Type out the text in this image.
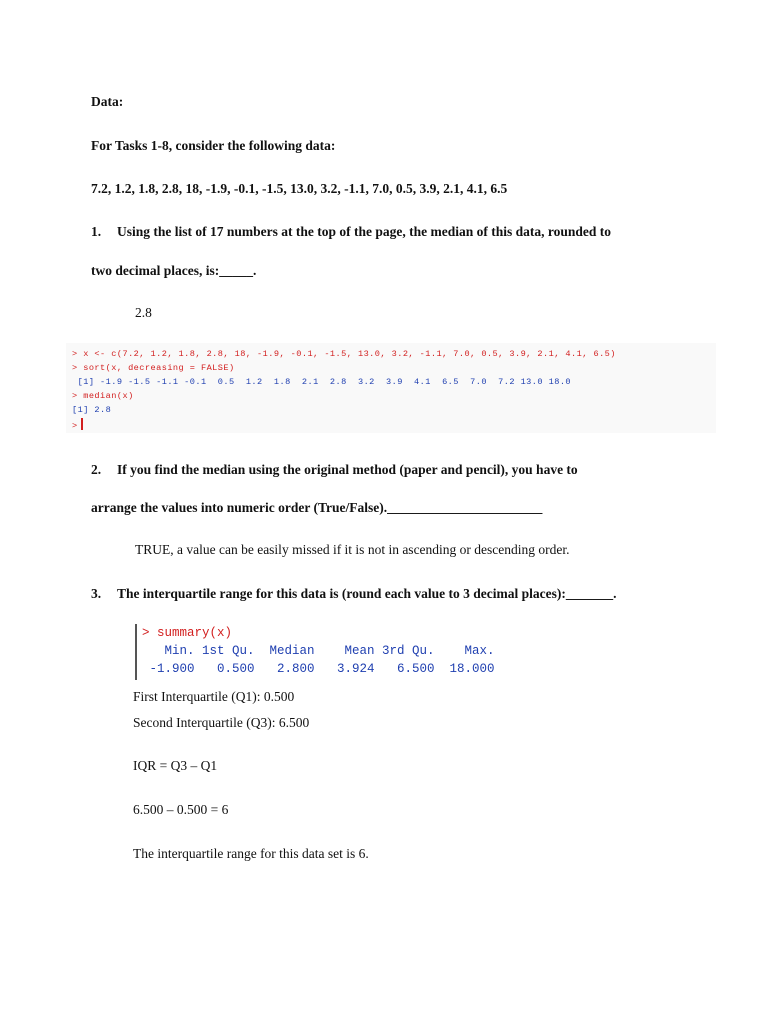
Data:
For Tasks 1-8, consider the following data:
7.2, 1.2, 1.8, 2.8, 18, -1.9, -0.1, -1.5, 13.0, 3.2, -1.1, 7.0, 0.5, 3.9, 2.1, 4.1, 6.5
1. Using the list of 17 numbers at the top of the page, the median of this data, rounded to
two decimal places, is:_____.
2.8
> x <- c(7.2, 1.2, 1.8, 2.8, 18, -1.9, -0.1, -1.5, 13.0, 3.2, -1.1, 7.0, 0.5, 3.9, 2.1, 4.1, 6.5)
> sort(x, decreasing = FALSE)
[1] -1.9 -1.5 -1.1 -0.1  0.5  1.2  1.8  2.1  2.8  3.2  3.9  4.1  6.5  7.0  7.2 13.0 18.0
> median(x)
[1] 2.8
>
2. If you find the median using the original method (paper and pencil), you have to
arrange the values into numeric order (True/False)._______________________
TRUE, a value can be easily missed if it is not in ascending or descending order.
3. The interquartile range for this data is (round each value to 3 decimal places):_______.
> summary(x)
Min. 1st Qu.  Median    Mean 3rd Qu.    Max.
-1.900   0.500   2.800   3.924   6.500  18.000
First Interquartile (Q1): 0.500
Second Interquartile (Q3): 6.500
IQR = Q3 – Q1
6.500 – 0.500 = 6
The interquartile range for this data set is 6.
